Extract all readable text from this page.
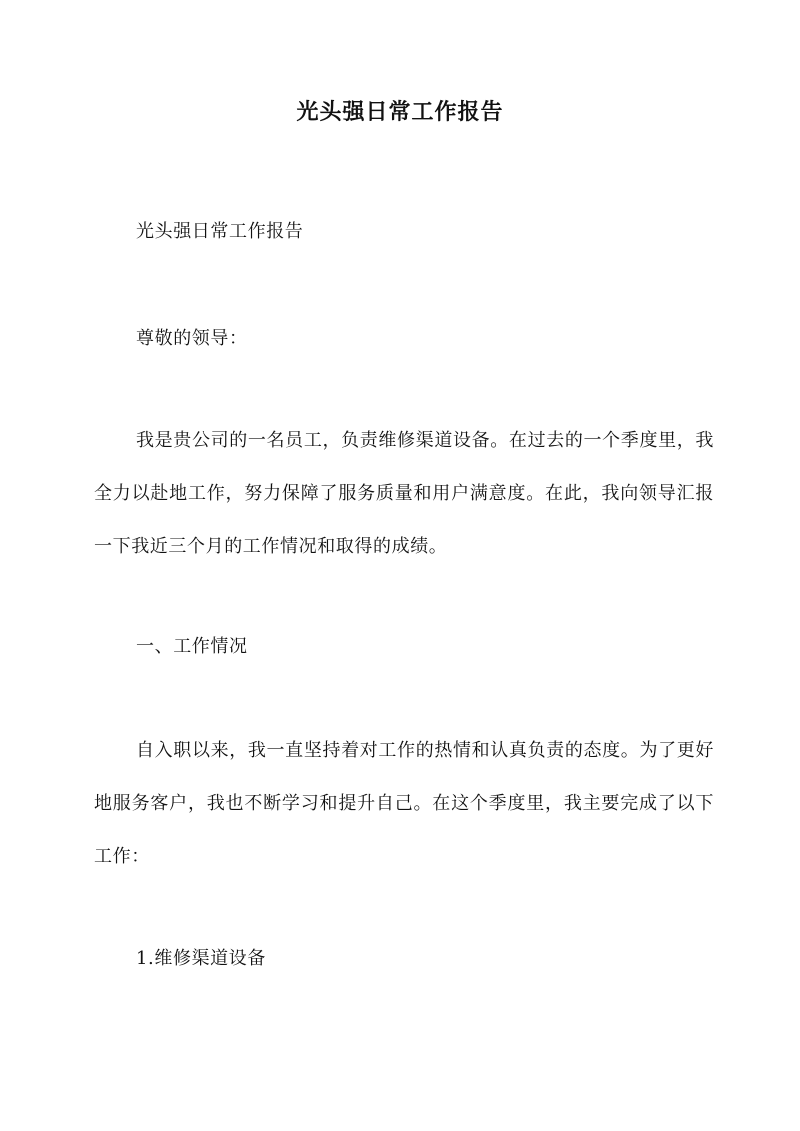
光头强日常工作报告
光头强日常工作报告
尊敬的领导：
我是贵公司的一名员工，负责维修渠道设备。在过去的一个季度里，我全力以赴地工作，努力保障了服务质量和用户满意度。在此，我向领导汇报一下我近三个月的工作情况和取得的成绩。
一、工作情况
自入职以来，我一直坚持着对工作的热情和认真负责的态度。为了更好地服务客户，我也不断学习和提升自己。在这个季度里，我主要完成了以下工作：
1.维修渠道设备
